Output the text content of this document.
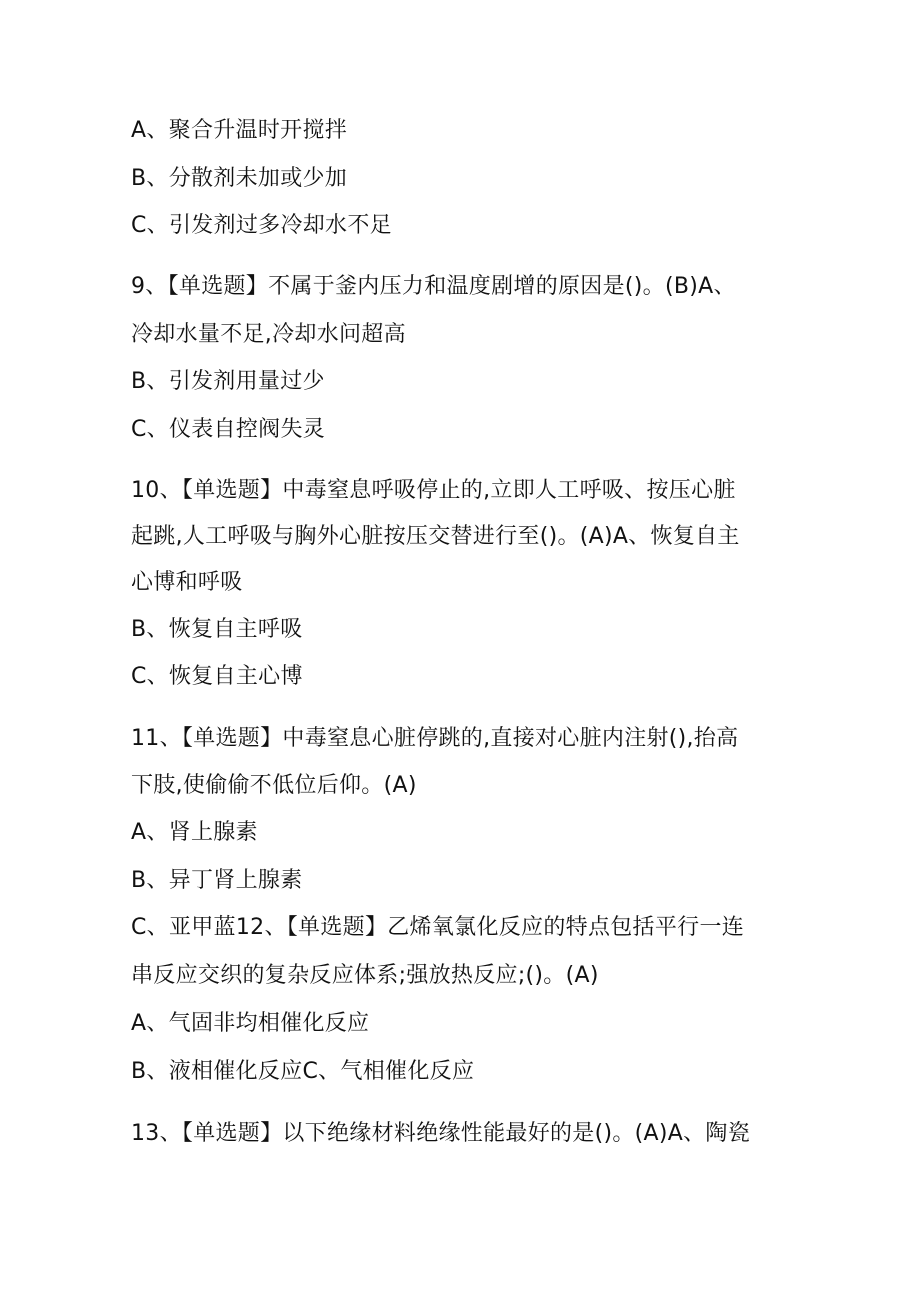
A、聚合升温时开搅拌
B、分散剂未加或少加
C、引发剂过多冷却水不足
9、【单选题】不属于釜内压力和温度剧增的原因是()。(B)A、
冷却水量不足,冷却水问超高
B、引发剂用量过少
C、仪表自控阀失灵
10、【单选题】中毒窒息呼吸停止的,立即人工呼吸、按压心脏
起跳,人工呼吸与胸外心脏按压交替进行至()。(A)A、恢复自主
心博和呼吸
B、恢复自主呼吸
C、恢复自主心博
11、【单选题】中毒窒息心脏停跳的,直接对心脏内注射(),抬高
下肢,使偷偷不低位后仰。(A)
A、肾上腺素
B、异丁肾上腺素
C、亚甲蓝12、【单选题】乙烯氧氯化反应的特点包括平行一连
串反应交织的复杂反应体系;强放热反应;()。(A)
A、气固非均相催化反应
B、液相催化反应C、气相催化反应
13、【单选题】以下绝缘材料绝缘性能最好的是()。(A)A、陶瓷
